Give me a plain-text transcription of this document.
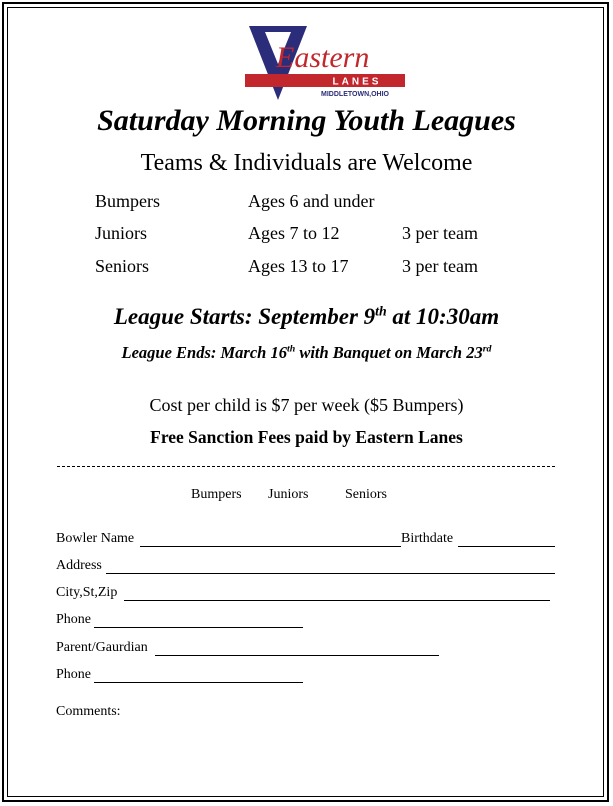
LANES
Eastern
MIDDLETOWN,OHIO
Saturday Morning Youth Leagues
Teams & Individuals are Welcome
Bumpers	Ages 6 and under
Juniors	Ages 7 to 12	3 per team
Seniors	Ages 13 to 17	3 per team
League Starts: September 9th at 10:30am
League Ends: March 16th with Banquet on March 23rd
Cost per child is $7 per week ($5 Bumpers)
Free Sanction Fees paid by Eastern Lanes
Bumpers Juniors	Seniors
Bowler Name	Birthdate
Address
City,St,Zip
Phone
Parent/Gaurdian
Phone
Comments:
